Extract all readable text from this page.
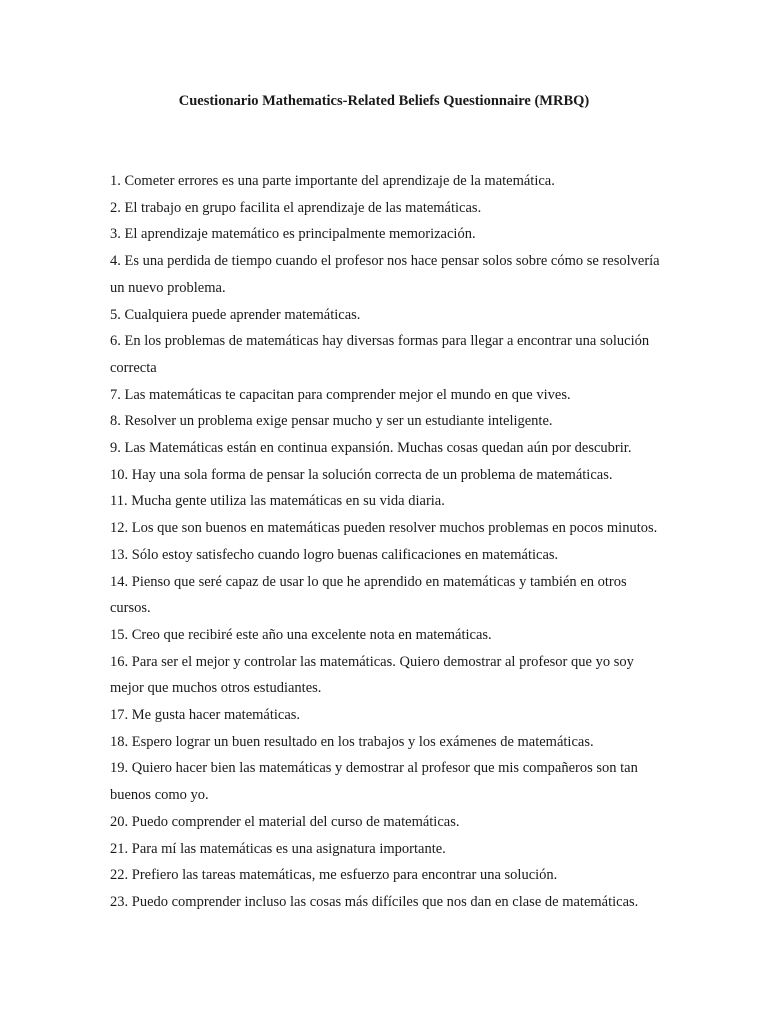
Cuestionario Mathematics-Related Beliefs Questionnaire (MRBQ)
1. Cometer errores es una parte importante del aprendizaje de la matemática.
2. El trabajo en grupo facilita el aprendizaje de las matemáticas.
3. El aprendizaje matemático es principalmente memorización.
4. Es una perdida de tiempo cuando el profesor nos hace pensar solos sobre cómo se resolvería un nuevo problema.
5. Cualquiera puede aprender matemáticas.
6. En los problemas de matemáticas hay diversas formas para llegar a encontrar una solución correcta
7. Las matemáticas te capacitan para comprender mejor el mundo en que vives.
8. Resolver un problema exige pensar mucho y ser un estudiante inteligente.
9. Las Matemáticas están en continua expansión. Muchas cosas quedan aún por descubrir.
10. Hay una sola forma de pensar la solución correcta de un problema de matemáticas.
11. Mucha gente utiliza las matemáticas en su vida diaria.
12. Los que son buenos en matemáticas pueden resolver muchos problemas en pocos minutos.
13. Sólo estoy satisfecho cuando logro buenas calificaciones en matemáticas.
14. Pienso que seré capaz de usar lo que he aprendido en matemáticas y también en otros cursos.
15. Creo que recibiré este año una excelente nota en matemáticas.
16. Para ser el mejor y controlar las matemáticas. Quiero demostrar al profesor que yo soy mejor que muchos otros estudiantes.
17. Me gusta hacer matemáticas.
18. Espero lograr un buen resultado en los trabajos y los exámenes de matemáticas.
19. Quiero hacer bien las matemáticas y demostrar al profesor que mis compañeros son tan buenos como yo.
20. Puedo comprender el material del curso de matemáticas.
21. Para mí las matemáticas es una asignatura importante.
22. Prefiero las tareas matemáticas, me esfuerzo para encontrar una solución.
23. Puedo comprender incluso las cosas más difíciles que nos dan en clase de matemáticas.
